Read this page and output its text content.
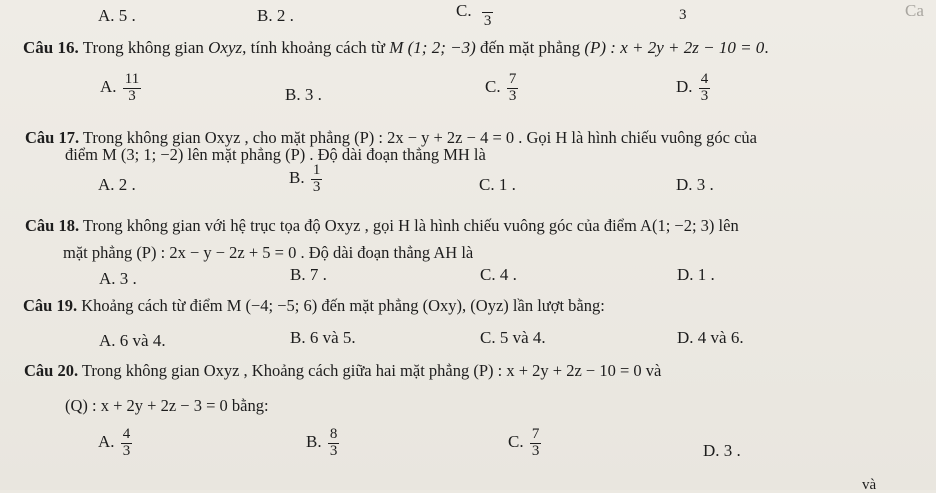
A. 5 .	B. 2 .	C. 3	3	Ca
Câu 16. Trong không gian Oxyz, tính khoảng cách từ M (1; 2; −3) đến mặt phẳng (P) : x + 2y + 2z − 10 = 0.
A. $\frac{11}{3}$	B. 3 .	C. $\frac{7}{3}$	D. $\frac{4}{3}$
Câu 17. Trong không gian Oxyz , cho mặt phẳng (P) : 2x − y + 2z − 4 = 0 . Gọi H là hình chiếu vuông góc của
điểm M (3; 1; −2) lên mặt phẳng (P) . Độ dài đoạn thẳng MH là
A. 2 .	B. $\frac{1}{3}$	C. 1 .	D. 3 .
Câu 18. Trong không gian với hệ trục tọa độ Oxyz , gọi H là hình chiếu vuông góc của điểm A(1; −2; 3) lên
mặt phẳng (P) : 2x − y − 2z + 5 = 0 . Độ dài đoạn thẳng AH là
A. 3 .	B. 7 .	C. 4 .	D. 1 .
Câu 19. Khoảng cách từ điểm M (−4; −5; 6) đến mặt phẳng (Oxy), (Oyz) lần lượt bằng:
A. 6 và 4.	B. 6 và 5.	C. 5 và 4.	D. 4 và 6.
Câu 20. Trong không gian Oxyz , Khoảng cách giữa hai mặt phẳng (P) : x + 2y + 2z − 10 = 0 và
(Q) : x + 2y + 2z − 3 = 0 bằng:
A. $\frac{4}{3}$	B. $\frac{8}{3}$	C. $\frac{7}{3}$	D. 3 .
và
